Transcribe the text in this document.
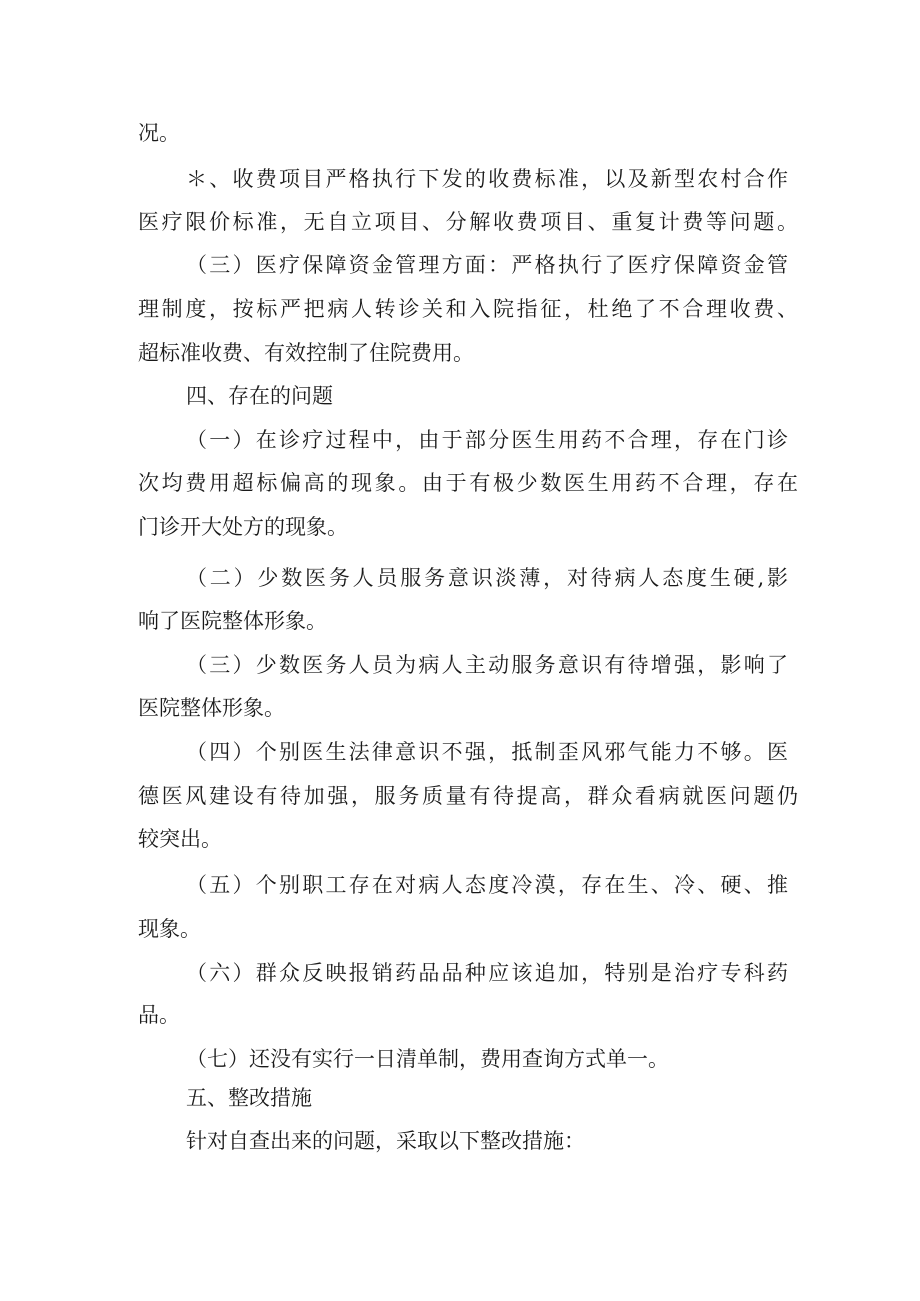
况。
＊、收费项目严格执行下发的收费标准，以及新型农村合作
医疗限价标准，无自立项目、分解收费项目、重复计费等问题。
（三）医疗保障资金管理方面：严格执行了医疗保障资金管
理制度，按标严把病人转诊关和入院指征，杜绝了不合理收费、
超标准收费、有效控制了住院费用。
四、存在的问题
（一）在诊疗过程中，由于部分医生用药不合理，存在门诊
次均费用超标偏高的现象。由于有极少数医生用药不合理，存在
门诊开大处方的现象。
（二）少数医务人员服务意识淡薄，对待病人态度生硬,影
响了医院整体形象。
（三）少数医务人员为病人主动服务意识有待增强，影响了
医院整体形象。
（四）个别医生法律意识不强，抵制歪风邪气能力不够。医
德医风建设有待加强，服务质量有待提高，群众看病就医问题仍
较突出。
（五）个别职工存在对病人态度冷漠，存在生、冷、硬、推
现象。
（六）群众反映报销药品品种应该追加，特别是治疗专科药
品。
（七）还没有实行一日清单制，费用查询方式单一。
五、整改措施
针对自查出来的问题，采取以下整改措施：
